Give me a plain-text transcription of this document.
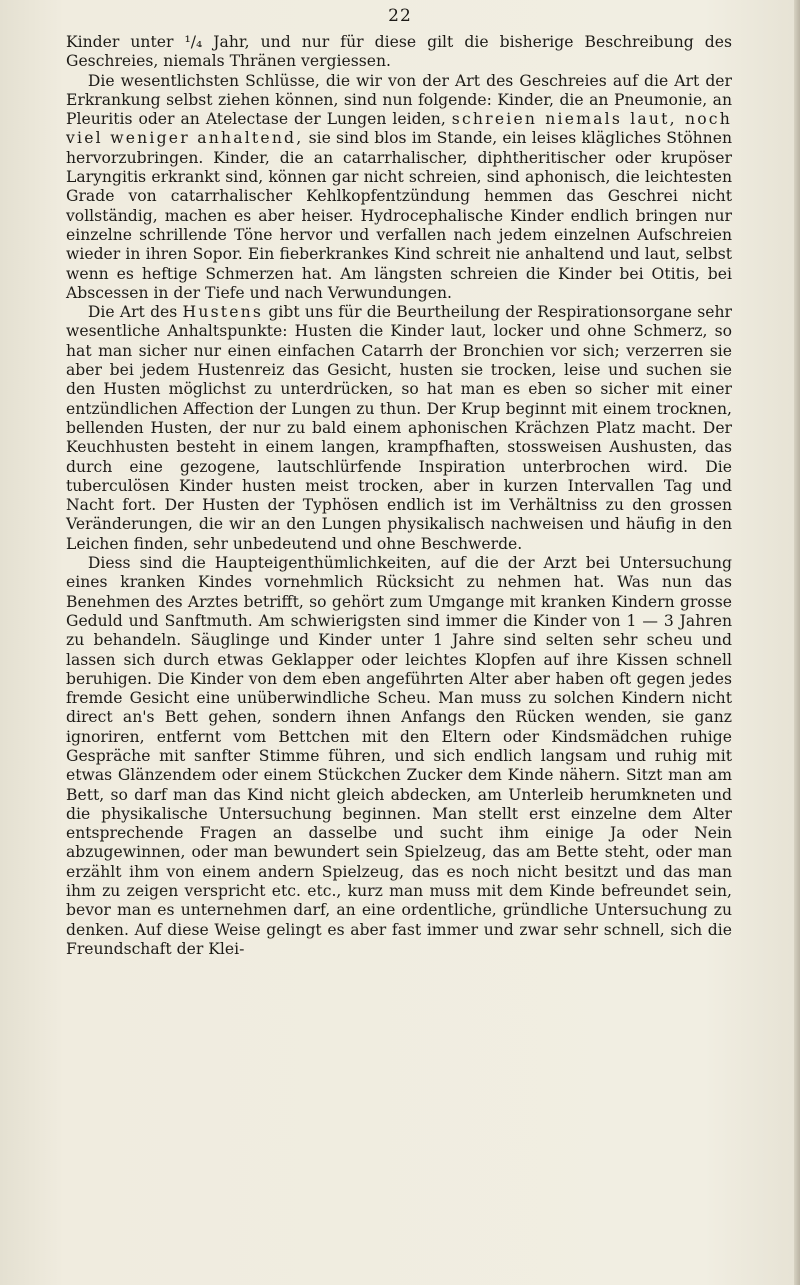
22

Kinder unter ¹/₄ Jahr, und nur für diese gilt die bisherige Beschreibung des Geschreies, niemals Thränen vergiessen.

Die wesentlichsten Schlüsse, die wir von der Art des Geschreies auf die Art der Erkrankung selbst ziehen können, sind nun folgende: Kinder, die an Pneumonie, an Pleuritis oder an Atelectase der Lungen leiden, schreien niemals laut, noch viel weniger anhaltend, sie sind blos im Stande, ein leises klägliches Stöhnen hervorzubringen. Kinder, die an catarrhalischer, diphtheritischer oder krupöser Laryngitis erkrankt sind, können gar nicht schreien, sind aphonisch, die leichtesten Grade von catarrhalischer Kehlkopfentzündung hemmen das Geschrei nicht vollständig, machen es aber heiser. Hydrocephalische Kinder endlich bringen nur einzelne schrillende Töne hervor und verfallen nach jedem einzelnen Aufschreien wieder in ihren Sopor. Ein fieberkrankes Kind schreit nie anhaltend und laut, selbst wenn es heftige Schmerzen hat. Am längsten schreien die Kinder bei Otitis, bei Abscessen in der Tiefe und nach Verwundungen.

Die Art des Hustens gibt uns für die Beurtheilung der Respirationsorgane sehr wesentliche Anhaltspunkte: Husten die Kinder laut, locker und ohne Schmerz, so hat man sicher nur einen einfachen Catarrh der Bronchien vor sich; verzerren sie aber bei jedem Hustenreiz das Gesicht, husten sie trocken, leise und suchen sie den Husten möglichst zu unterdrücken, so hat man es eben so sicher mit einer entzündlichen Affection der Lungen zu thun. Der Krup beginnt mit einem trocknen, bellenden Husten, der nur zu bald einem aphonischen Krächzen Platz macht. Der Keuchhusten besteht in einem langen, krampfhaften, stossweisen Aushusten, das durch eine gezogene, lautschlürfende Inspiration unterbrochen wird. Die tuberculösen Kinder husten meist trocken, aber in kurzen Intervallen Tag und Nacht fort. Der Husten der Typhösen endlich ist im Verhältniss zu den grossen Veränderungen, die wir an den Lungen physikalisch nachweisen und häufig in den Leichen finden, sehr unbedeutend und ohne Beschwerde.

Diess sind die Haupteigenthümlichkeiten, auf die der Arzt bei Untersuchung eines kranken Kindes vornehmlich Rücksicht zu nehmen hat. Was nun das Benehmen des Arztes betrifft, so gehört zum Umgange mit kranken Kindern grosse Geduld und Sanftmuth. Am schwierigsten sind immer die Kinder von 1 — 3 Jahren zu behandeln. Säuglinge und Kinder unter 1 Jahre sind selten sehr scheu und lassen sich durch etwas Geklapper oder leichtes Klopfen auf ihre Kissen schnell beruhigen. Die Kinder von dem eben angeführten Alter aber haben oft gegen jedes fremde Gesicht eine unüberwindliche Scheu. Man muss zu solchen Kindern nicht direct an's Bett gehen, sondern ihnen Anfangs den Rücken wenden, sie ganz ignoriren, entfernt vom Bettchen mit den Eltern oder Kindsmädchen ruhige Gespräche mit sanfter Stimme führen, und sich endlich langsam und ruhig mit etwas Glänzendem oder einem Stückchen Zucker dem Kinde nähern. Sitzt man am Bett, so darf man das Kind nicht gleich abdecken, am Unterleib herumkneten und die physikalische Untersuchung beginnen. Man stellt erst einzelne dem Alter entsprechende Fragen an dasselbe und sucht ihm einige Ja oder Nein abzugewinnen, oder man bewundert sein Spielzeug, das am Bette steht, oder man erzählt ihm von einem andern Spielzeug, das es noch nicht besitzt und das man ihm zu zeigen verspricht etc. etc., kurz man muss mit dem Kinde befreundet sein, bevor man es unternehmen darf, an eine ordentliche, gründliche Untersuchung zu denken. Auf diese Weise gelingt es aber fast immer und zwar sehr schnell, sich die Freundschaft der Klei-
